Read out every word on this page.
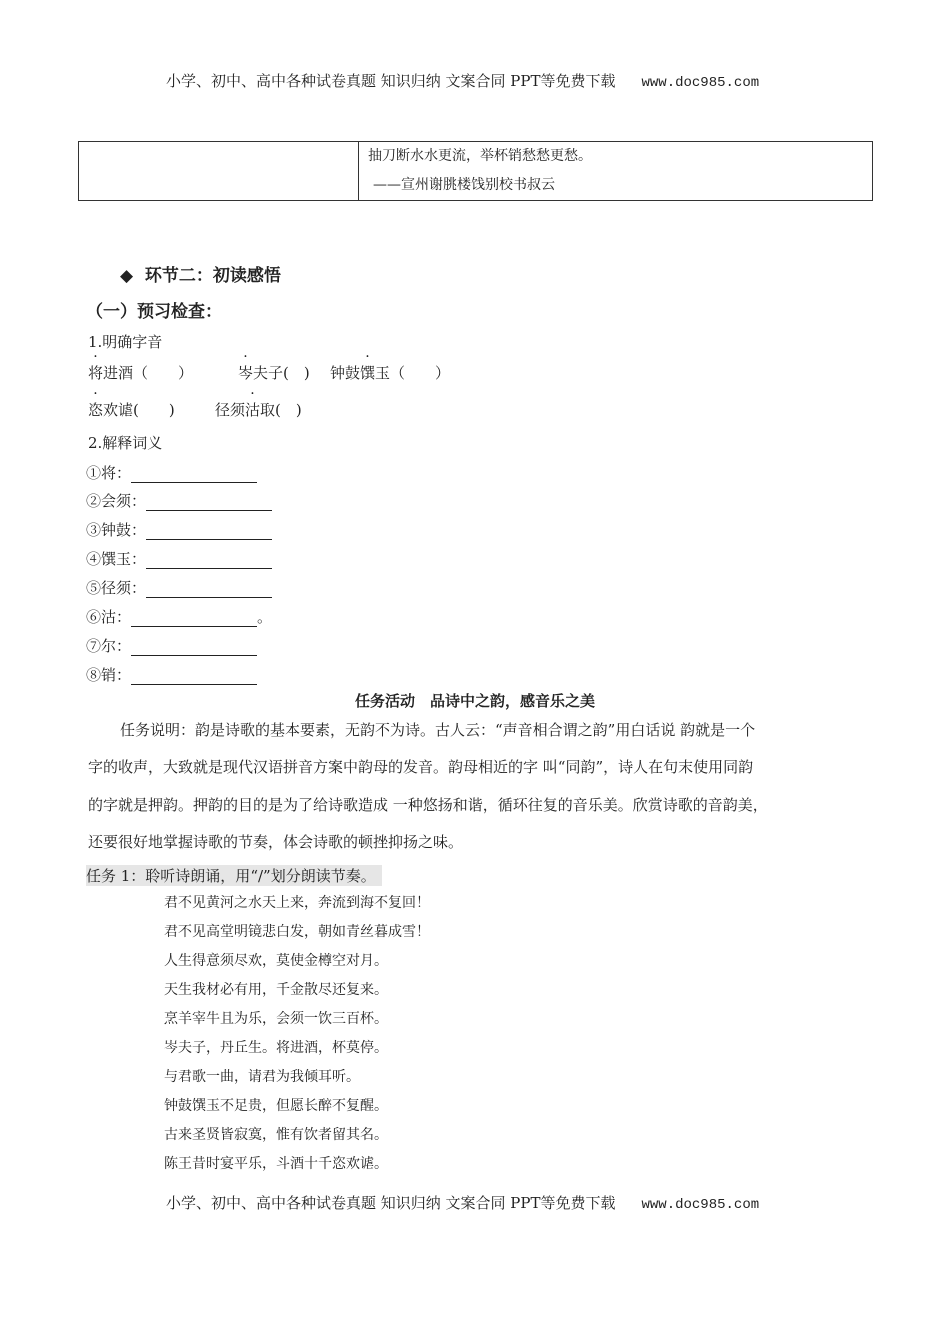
小学、初中、高中各种试卷真题 知识归纳 文案合同 PPT等免费下载 www.doc985.com

抽刀断水水更流，举杯销愁愁更愁。
——宣州谢朓楼饯别校书叔云
◆ 环节二：初读感悟
（一）预习检查：
1.明确字音
将进酒（　　）	岑夫子(　) 钟鼓馔玉（　　）
恣欢谑(　　)	径须沽取(　)
2.解释词义
①将：
②会须：
③钟鼓：
④馔玉：
⑤径须：
⑥沽：	。
⑦尔：
⑧销：
任务活动　品诗中之韵，感音乐之美
任务说明：韵是诗歌的基本要素，无韵不为诗。古人云：“声音相合谓之韵”用白话说 韵就是一个
字的收声，大致就是现代汉语拼音方案中韵母的发音。韵母相近的字 叫“同韵”，诗人在句末使用同韵
的字就是押韵。押韵的目的是为了给诗歌造成 一种悠扬和谐，循环往复的音乐美。欣赏诗歌的音韵美，
还要很好地掌握诗歌的节奏，体会诗歌的顿挫抑扬之味。
任务 1：聆听诗朗诵，用“/”划分朗读节奏。
君不见黄河之水天上来，奔流到海不复回！
君不见高堂明镜悲白发，朝如青丝暮成雪！
人生得意须尽欢，莫使金樽空对月。
天生我材必有用，千金散尽还复来。
烹羊宰牛且为乐，会须一饮三百杯。
岑夫子，丹丘生。将进酒，杯莫停。
与君歌一曲，请君为我倾耳听。
钟鼓馔玉不足贵，但愿长醉不复醒。
古来圣贤皆寂寞，惟有饮者留其名。
陈王昔时宴平乐，斗酒十千恣欢谑。
小学、初中、高中各种试卷真题 知识归纳 文案合同 PPT等免费下载 www.doc985.com
